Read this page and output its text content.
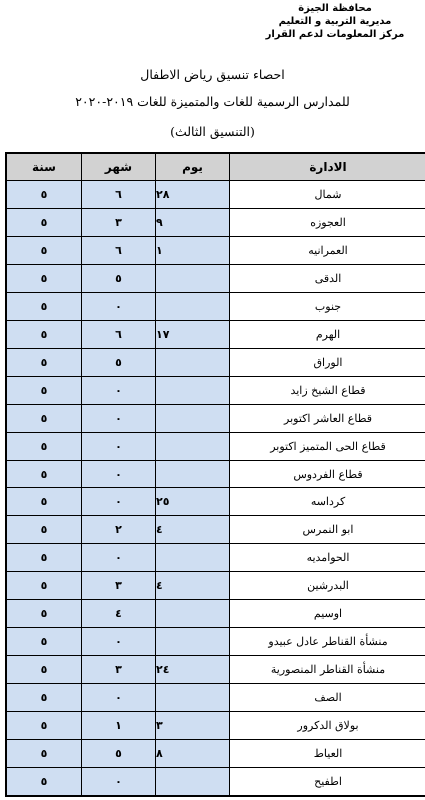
محافظة الجيزة
مديرية التربية و التعليم
مركز المعلومات لدعم القرار
احصاء تنسيق رياض الاطفال
للمدارس الرسمية للغات والمتميزة للغات ٢٠١٩-٢٠٢٠
(التنسيق الثالث)
الادارة	يوم	شهر	سنة
شمال	٢٨	٦	٥
العجوزه	٩	٣	٥
العمرانيه	١	٦	٥
الدقى		٥	٥
جنوب		٠	٥
الهرم	١٧	٦	٥
الوراق		٥	٥
قطاع الشيخ زايد		٠	٥
قطاع العاشر اكتوبر		٠	٥
قطاع الحى المتميز اكتوبر		٠	٥
قطاع الفردوس		٠	٥
كرداسه	٢٥	٠	٥
ابو النمرس	٤	٢	٥
الحوامديه		٠	٥
البدرشين	٤	٣	٥
اوسيم		٤	٥
منشأة القناطر عادل عبيدو		٠	٥
منشأة القناطر المنصورية	٢٤	٣	٥
الصف		٠	٥
بولاق الدكرور	٣	١	٥
العياط	٨	٥	٥
اطفيح		٠	٥
